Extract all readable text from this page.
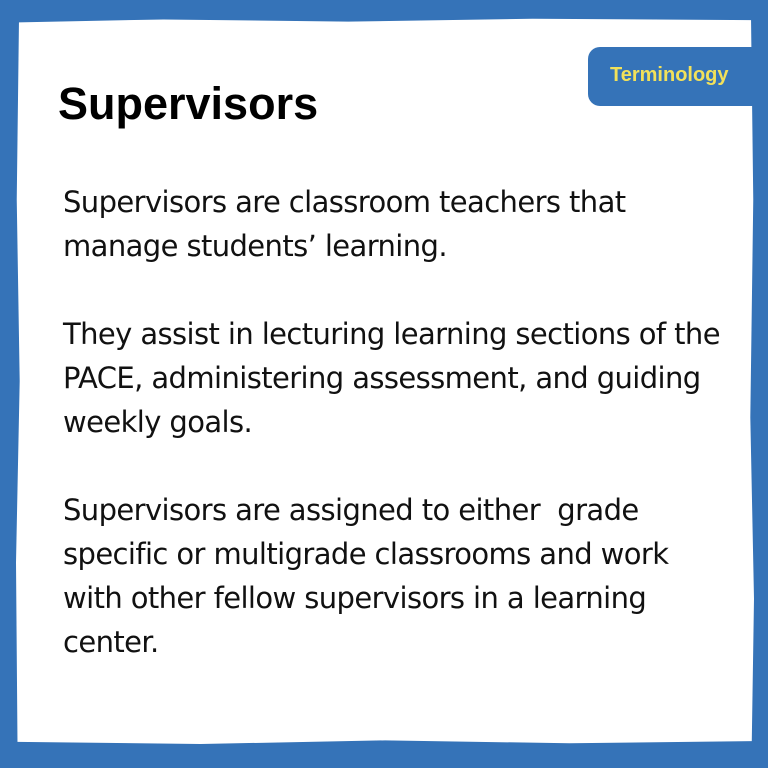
Terminology
Supervisors

Supervisors are classroom teachers that manage students’ learning.

They assist in lecturing learning sections of the PACE, administering assessment, and guiding weekly goals.

Supervisors are assigned to either  grade specific or multigrade classrooms and work with other fellow supervisors in a learning center.
